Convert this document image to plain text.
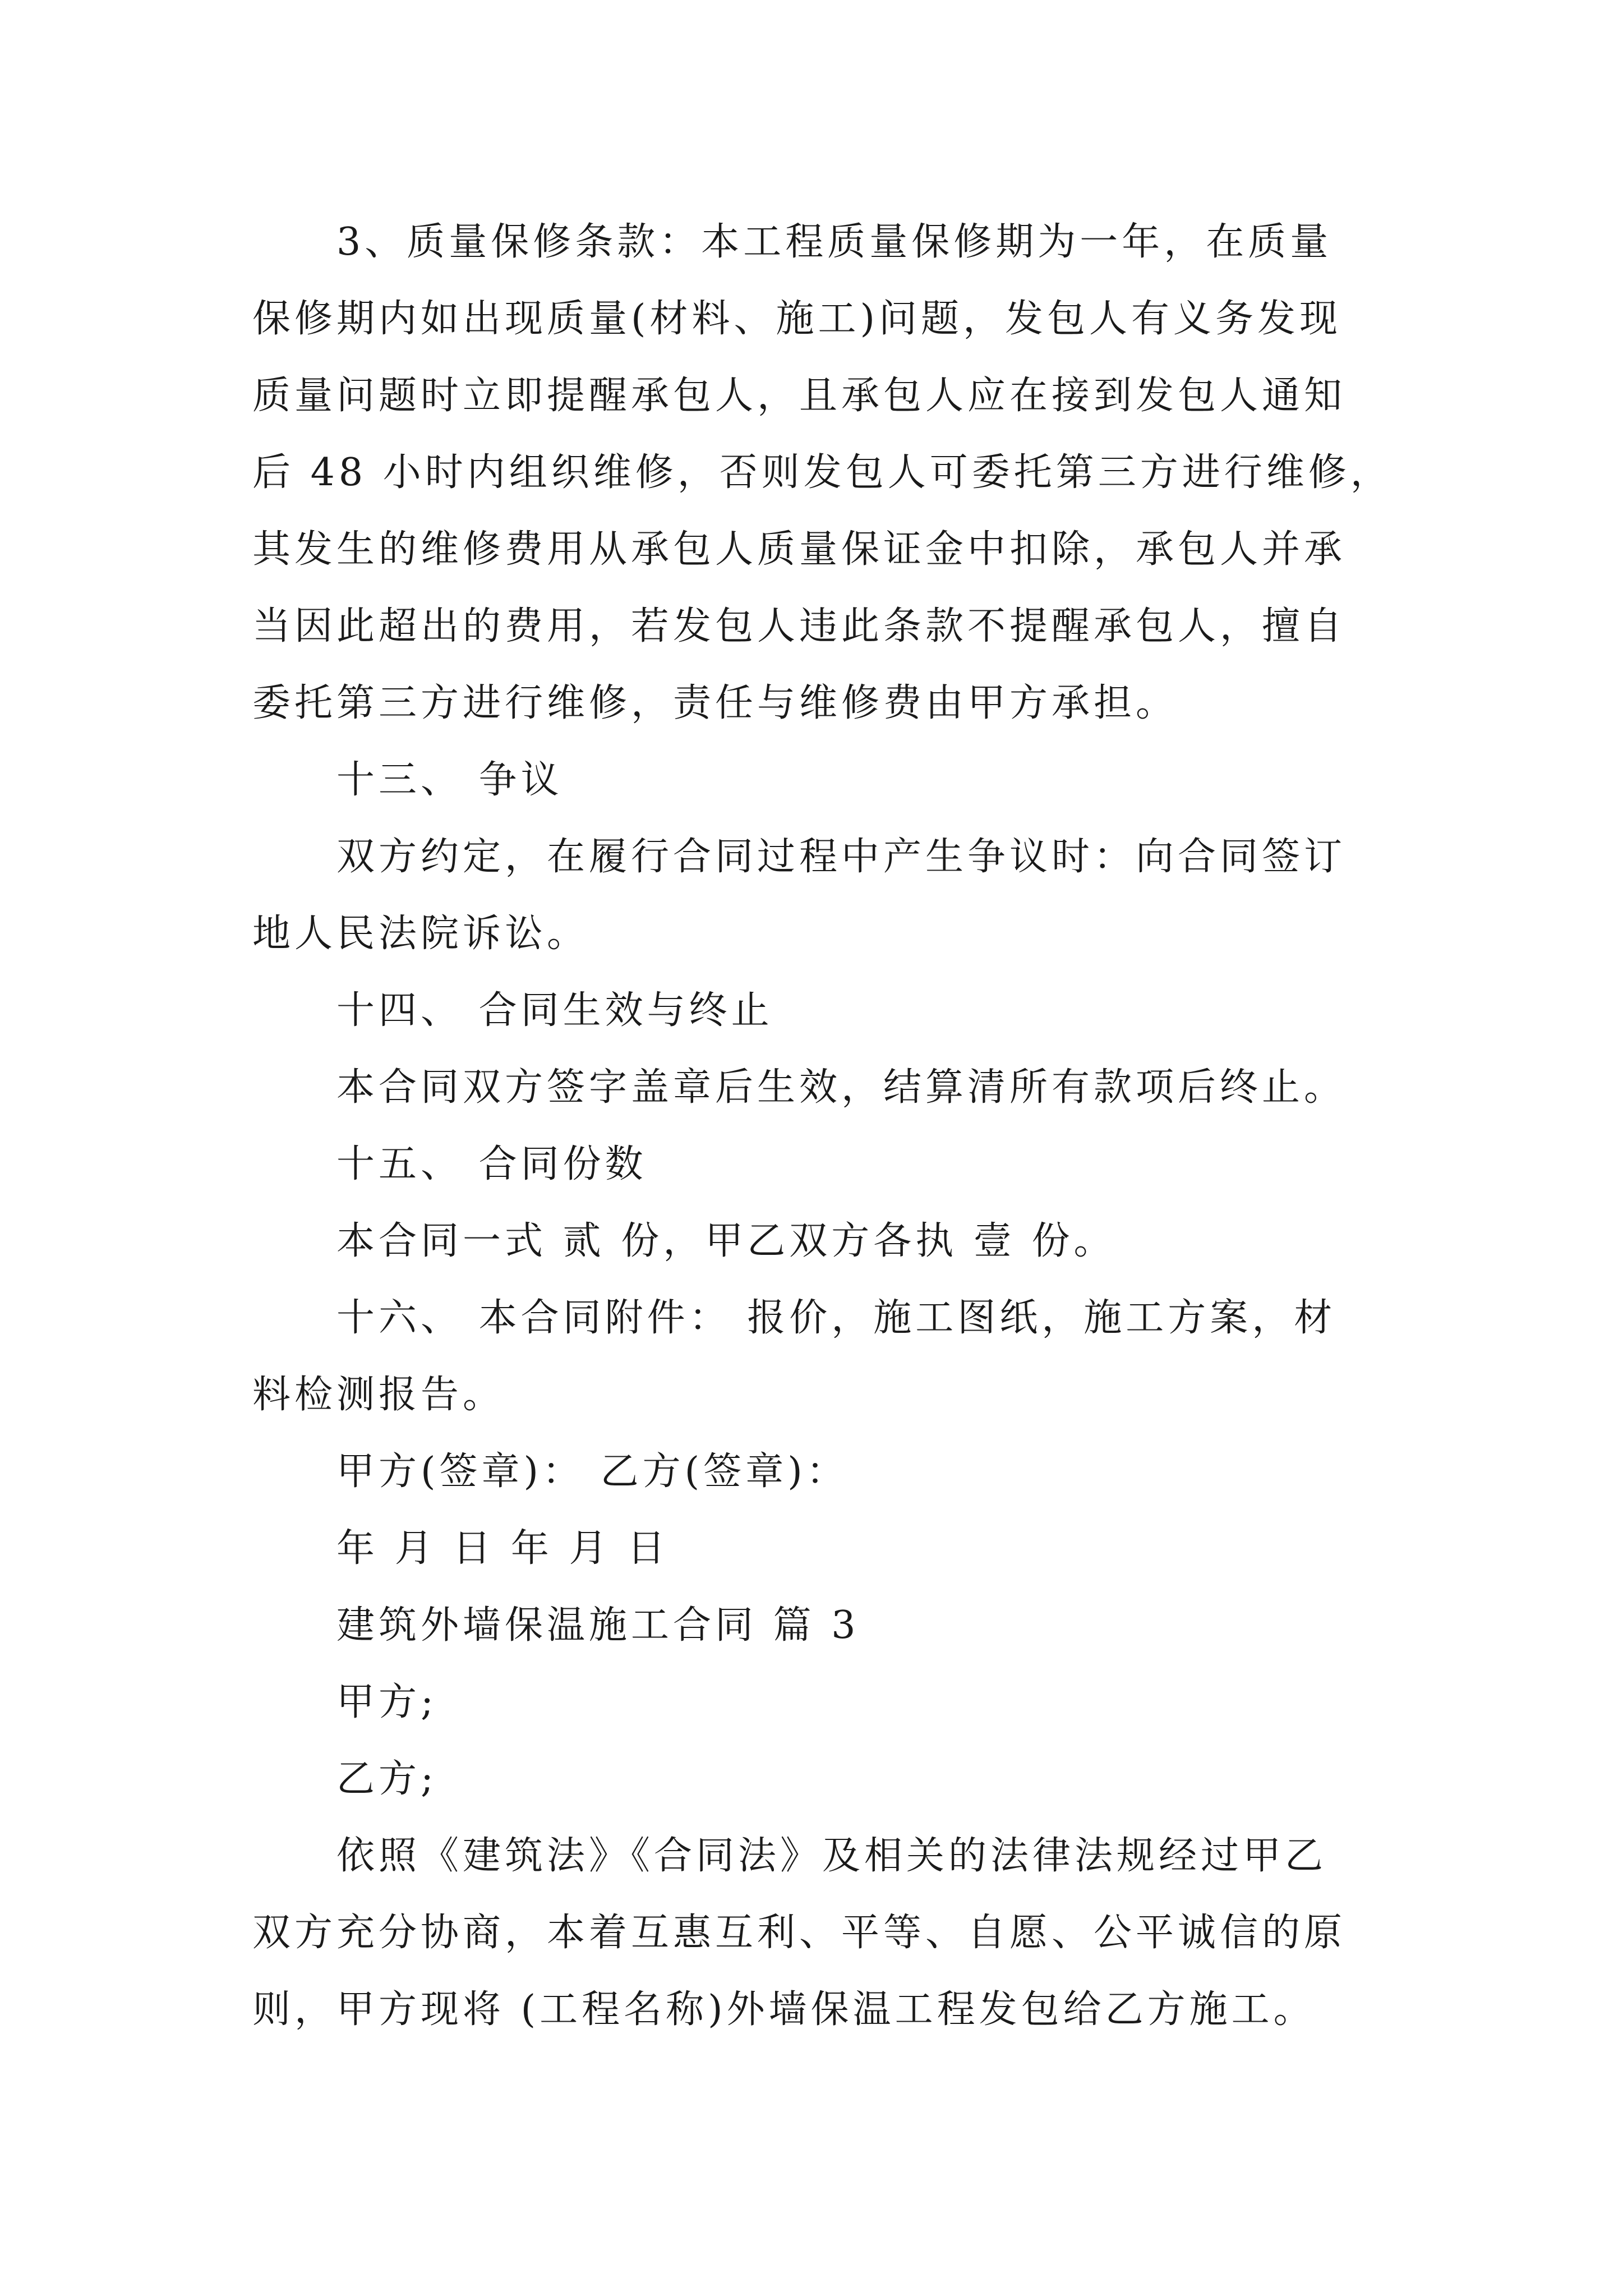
3、质量保修条款：本工程质量保修期为一年，在质量
保修期内如出现质量(材料、施工)问题，发包人有义务发现
质量问题时立即提醒承包人，且承包人应在接到发包人通知
后 48 小时内组织维修，否则发包人可委托第三方进行维修，
其发生的维修费用从承包人质量保证金中扣除，承包人并承
当因此超出的费用，若发包人违此条款不提醒承包人，擅自
委托第三方进行维修，责任与维修费由甲方承担。
十三、 争议
双方约定，在履行合同过程中产生争议时：向合同签订
地人民法院诉讼。
十四、 合同生效与终止
本合同双方签字盖章后生效，结算清所有款项后终止。
十五、 合同份数
本合同一式 贰 份，甲乙双方各执 壹 份。
十六、 本合同附件： 报价，施工图纸，施工方案，材
料检测报告。
甲方(签章)： 乙方(签章)：
年 月 日 年 月 日
建筑外墙保温施工合同 篇 3
甲方;
乙方;
依照《建筑法》《合同法》及相关的法律法规经过甲乙
双方充分协商，本着互惠互利、平等、自愿、公平诚信的原
则，甲方现将 (工程名称)外墙保温工程发包给乙方施工。
